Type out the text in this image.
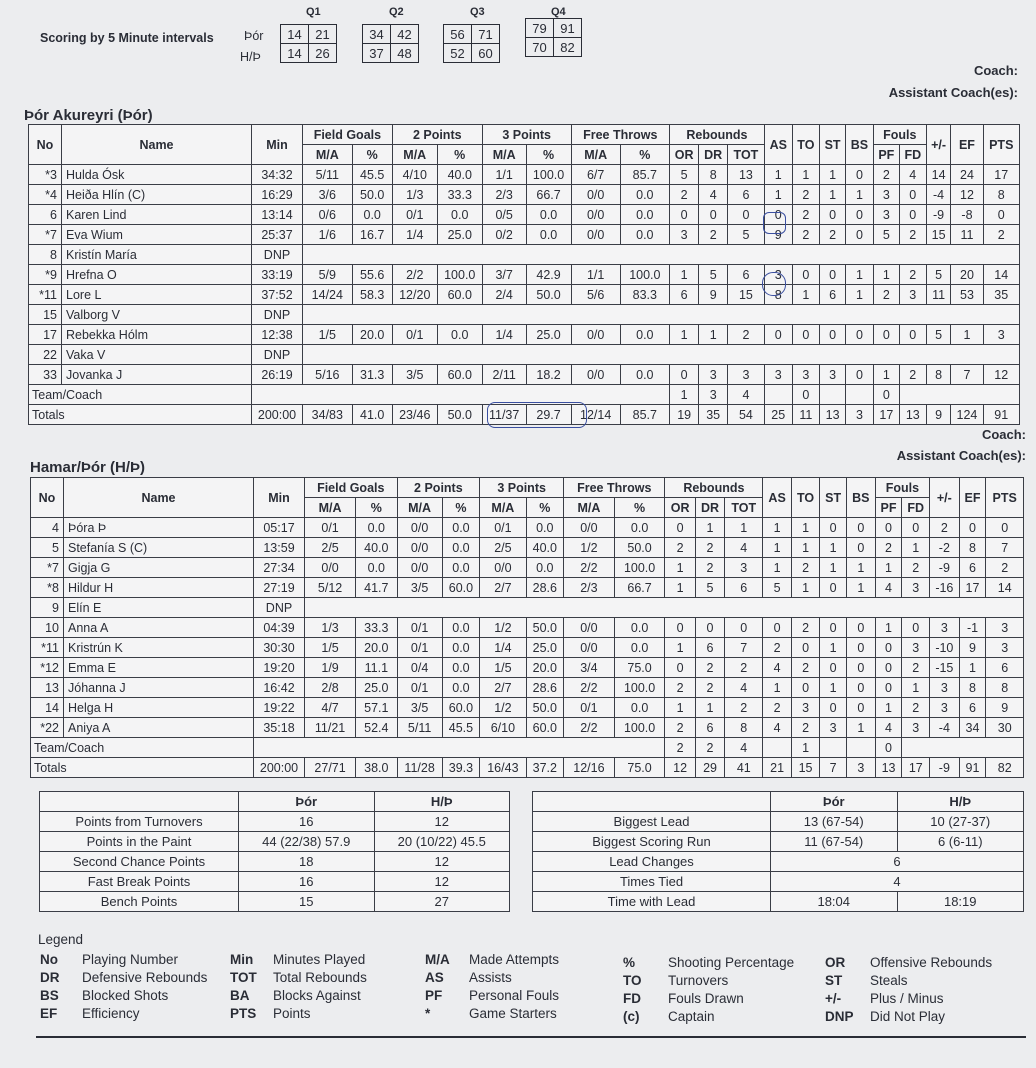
Scoring by 5 Minute intervals Þór
H/Þ
Q1	Q2	Q3	Q4
14	21
14	26
34	42
37	48
56	71
52	60
79	91
70	82
Coach:
Assistant Coach(es):
Þór Akureyri (Þór)
No	Name	Min	Field Goals		2 Points		3 Points		Free Throws		Rebounds			AS	TO	ST	BS	Fouls		+/-	EF	PTS
			M/A	%	M/A	%	M/A	%	M/A	%	OR	DR	TOT					PF	FD			
*3	Hulda Ósk	34:32	5/11	45.5	4/10	40.0	1/1	100.0	6/7	85.7	5	8	13	1	1	1	0	2	4	14	24	17
*4	Heiða Hlín (C)	16:29	3/6	50.0	1/3	33.3	2/3	66.7	0/0	0.0	2	4	6	1	2	1	1	3	0	-4	12	8
6	Karen Lind	13:14	0/6	0.0	0/1	0.0	0/5	0.0	0/0	0.0	0	0	0	0	2	0	0	3	0	-9	-8	0
*7	Eva Wium	25:37	1/6	16.7	1/4	25.0	0/2	0.0	0/0	0.0	3	2	5	9	2	2	0	5	2	15	11	2
8	Kristín María	DNP																				
*9	Hrefna O	33:19	5/9	55.6	2/2	100.0	3/7	42.9	1/1	100.0	1	5	6	3	0	0	1	1	2	5	20	14
*11	Lore L	37:52	14/24	58.3	12/20	60.0	2/4	50.0	5/6	83.3	6	9	15	8	1	6	1	2	3	11	53	35
15	Valborg V	DNP																				
17	Rebekka Hólm	12:38	1/5	20.0	0/1	0.0	1/4	25.0	0/0	0.0	1	1	2	0	0	0	0	0	0	5	1	3
22	Vaka V	DNP																				
33	Jovanka J	26:19	5/16	31.3	3/5	60.0	2/11	18.2	0/0	0.0	0	3	3	3	3	3	0	1	2	8	7	12
Team/Coach											1	3	4		0			0				
Totals		200:00	34/83	41.0	23/46	50.0	11/37	29.7	12/14	85.7	19	35	54	25	11	13	3	17	13	9	124	91
Coach:
Assistant Coach(es):
Hamar/Þór (H/Þ)
No	Name	Min	Field Goals		2 Points		3 Points		Free Throws		Rebounds			AS	TO	ST	BS	Fouls		+/-	EF	PTS
			M/A	%	M/A	%	M/A	%	M/A	%	OR	DR	TOT					PF	FD			
4	Þóra Þ	05:17	0/1	0.0	0/0	0.0	0/1	0.0	0/0	0.0	0	1	1	1	1	0	0	0	0	2	0	0
5	Stefanía S (C)	13:59	2/5	40.0	0/0	0.0	2/5	40.0	1/2	50.0	2	2	4	1	1	1	0	2	1	-2	8	7
*7	Gigja G	27:34	0/0	0.0	0/0	0.0	0/0	0.0	2/2	100.0	1	2	3	1	2	1	1	1	2	-9	6	2
*8	Hildur H	27:19	5/12	41.7	3/5	60.0	2/7	28.6	2/3	66.7	1	5	6	5	1	0	1	4	3	-16	17	14
9	Elín E	DNP																				
10	Anna A	04:39	1/3	33.3	0/1	0.0	1/2	50.0	0/0	0.0	0	0	0	0	2	0	0	1	0	3	-1	3
*11	Kristrún K	30:30	1/5	20.0	0/1	0.0	1/4	25.0	0/0	0.0	1	6	7	2	0	1	0	0	3	-10	9	3
*12	Emma E	19:20	1/9	11.1	0/4	0.0	1/5	20.0	3/4	75.0	0	2	2	4	2	0	0	0	2	-15	1	6
13	Jóhanna J	16:42	2/8	25.0	0/1	0.0	2/7	28.6	2/2	100.0	2	2	4	1	0	1	0	0	1	3	8	8
14	Helga H	19:22	4/7	57.1	3/5	60.0	1/2	50.0	0/1	0.0	1	1	2	2	3	0	0	1	2	3	6	9
*22	Aniya A	35:18	11/21	52.4	5/11	45.5	6/10	60.0	2/2	100.0	2	6	8	4	2	3	1	4	3	-4	34	30
Team/Coach											2	2	4		1			0				
Totals		200:00	27/71	38.0	11/28	39.3	16/43	37.2	12/16	75.0	12	29	41	21	15	7	3	13	17	-9	91	82
	Þór	H/Þ
Points from Turnovers	16	12
Points in the Paint	44 (22/38) 57.9	20 (10/22) 45.5
Second Chance Points	18	12
Fast Break Points	16	12
Bench Points	15	27
	Þór	H/Þ
Biggest Lead	13 (67-54)	10 (27-37)
Biggest Scoring Run	11 (67-54)	6 (6-11)
Lead Changes	6	
Times Tied	4	
Time with Lead	18:04	18:19
Legend
No Playing Number
DR Defensive Rebounds
BS Blocked Shots
EF Efficiency
Min Minutes Played
TOT Total Rebounds
BA Blocks Against
PTS Points
M/A Made Attempts
AS Assists
PF Personal Fouls
*	Game Starters
% Shooting Percentage
TO Turnovers
FD Fouls Drawn
(c) Captain
OR Offensive Rebounds
ST Steals
+/- Plus / Minus
DNP Did Not Play
